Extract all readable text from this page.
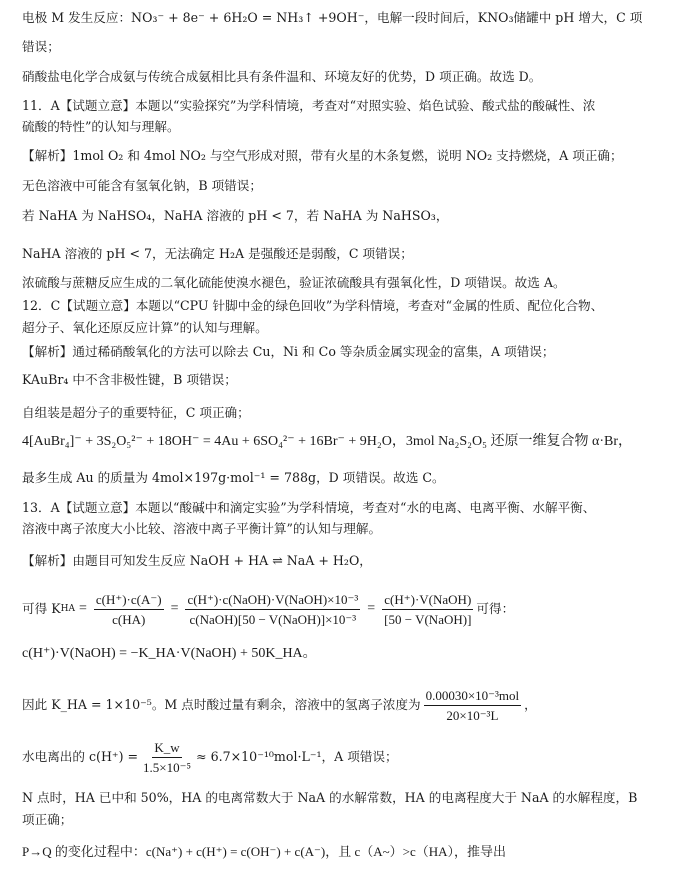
电极 M 发生反应：NO₃⁻ + 8e⁻ + 6H₂O = NH₃↑ +9OH⁻，电解一段时间后，KNO₃储罐中 pH 增大，C 项
错误；
硝酸盐电化学合成氨与传统合成氨相比具有条件温和、环境友好的优势，D 项正确。故选 D。
11．A【试题立意】本题以“实验探究”为学科情境，考查对“对照实验、焰色试验、酸式盐的酸碱性、浓
硫酸的特性”的认知与理解。
【解析】1mol O₂ 和 4mol NO₂ 与空气形成对照，带有火星的木条复燃，说明 NO₂ 支持燃烧，A 项正确；
无色溶液中可能含有氢氧化钠，B 项错误；
若 NaHA 为 NaHSO₄，NaHA 溶液的 pH < 7，若 NaHA 为 NaHSO₃，
NaHA 溶液的 pH < 7，无法确定 H₂A 是强酸还是弱酸，C 项错误；
浓硫酸与蔗糖反应生成的二氧化硫能使溴水褪色，验证浓硫酸具有强氧化性，D 项错误。故选 A。
12．C【试题立意】本题以“CPU 针脚中金的绿色回收”为学科情境，考查对“金属的性质、配位化合物、
超分子、氧化还原反应计算”的认知与理解。
【解析】通过稀硝酸氧化的方法可以除去 Cu，Ni 和 Co 等杂质金属实现金的富集，A 项错误；
KAuBr₄ 中不含非极性键，B 项错误；
自组装是超分子的重要特征，C 项正确；
4[AuBr₄]⁻ + 3S₂O₅²⁻ + 18OH⁻ = 4Au + 6SO₄²⁻ + 16Br⁻ + 9H₂O，3mol Na₂S₂O₅ 还原一维复合物 α·Br，
最多生成 Au 的质量为 4mol×197g·mol⁻¹ = 788g，D 项错误。故选 C。
13．A【试题立意】本题以“酸碱中和滴定实验”为学科情境，考查对“水的电离、电离平衡、水解平衡、
溶液中离子浓度大小比较、溶液中离子平衡计算”的认知与理解。
【解析】由题目可知发生反应 NaOH + HA ⇌ NaA + H₂O，
可得 K HA = $\frac{c(H^+)\cdot c(A^-)}{c(HA)} = \frac{\text{c(H⁺)·c(NaOH)·V(NaOH)×10⁻³}}{\text{c(NaOH)[50 − V(NaOH)]×10⁻³}} = \frac{\text{c(H⁺)·V(NaOH)}}{\text{[50 − V(NaOH)]}}$ 可得：
c(H⁺)·V(NaOH) = −K_HA·V(NaOH) + 50K_HA。
因此 K_HA = 1×10⁻⁵。M 点时酸过量有剩余，溶液中的氢离子浓度为 $\frac{\text{0.00030×10⁻³mol}}{\text{20×10⁻³L}}$ ，
水电离出的 $c(H^+) = \frac{K\_w}{\text{1.5×10⁻⁵}} \approx 6.7\times 10^{-10}mol\cdot L^{-1}$，A 项错误；
N 点时，HA 已中和 50%，HA 的电离常数大于 NaA 的水解常数，HA 的电离程度大于 NaA 的水解程度，B
项正确；
P→Q 的变化过程中：c(Na⁺) + c(H⁺) = c(OH⁻) + c(A⁻)，且 c（A~）>c（HA），推导出
